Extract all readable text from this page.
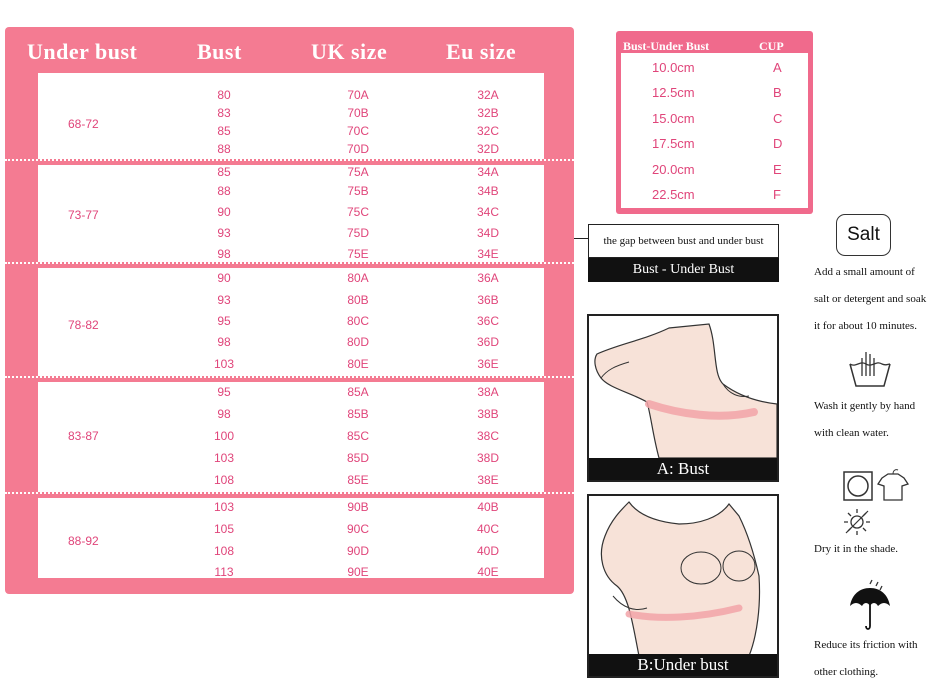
Under bust	Bust	UK size	Eu size
68-72
80	70A	32A
83	70B	32B
85	70C	32C
88	70D	32D
73-77
85	75A	34A
88	75B	34B
90	75C	34C
93	75D	34D
98	75E	34E
78-82
90	80A	36A
93	80B	36B
95	80C	36C
98	80D	36D
103	80E	36E
83-87
95	85A	38A
98	85B	38B
100	85C	38C
103	85D	38D
108	85E	38E
88-92
103	90B	40B
105	90C	40C
108	90D	40D
113	90E	40E
Bust-Under Bust	CUP
10.0cm	A
12.5cm	B
15.0cm	C
17.5cm	D
20.0cm	E
22.5cm	F
the gap between bust and under bust
Bust - Under Bust
A: Bust
B:Under bust
Salt
Add a small amount of
salt or detergent and soak
it for about 10 minutes.
Wash it gently by hand
with clean water.
Dry it in the shade.
Reduce its friction with
other clothing.
